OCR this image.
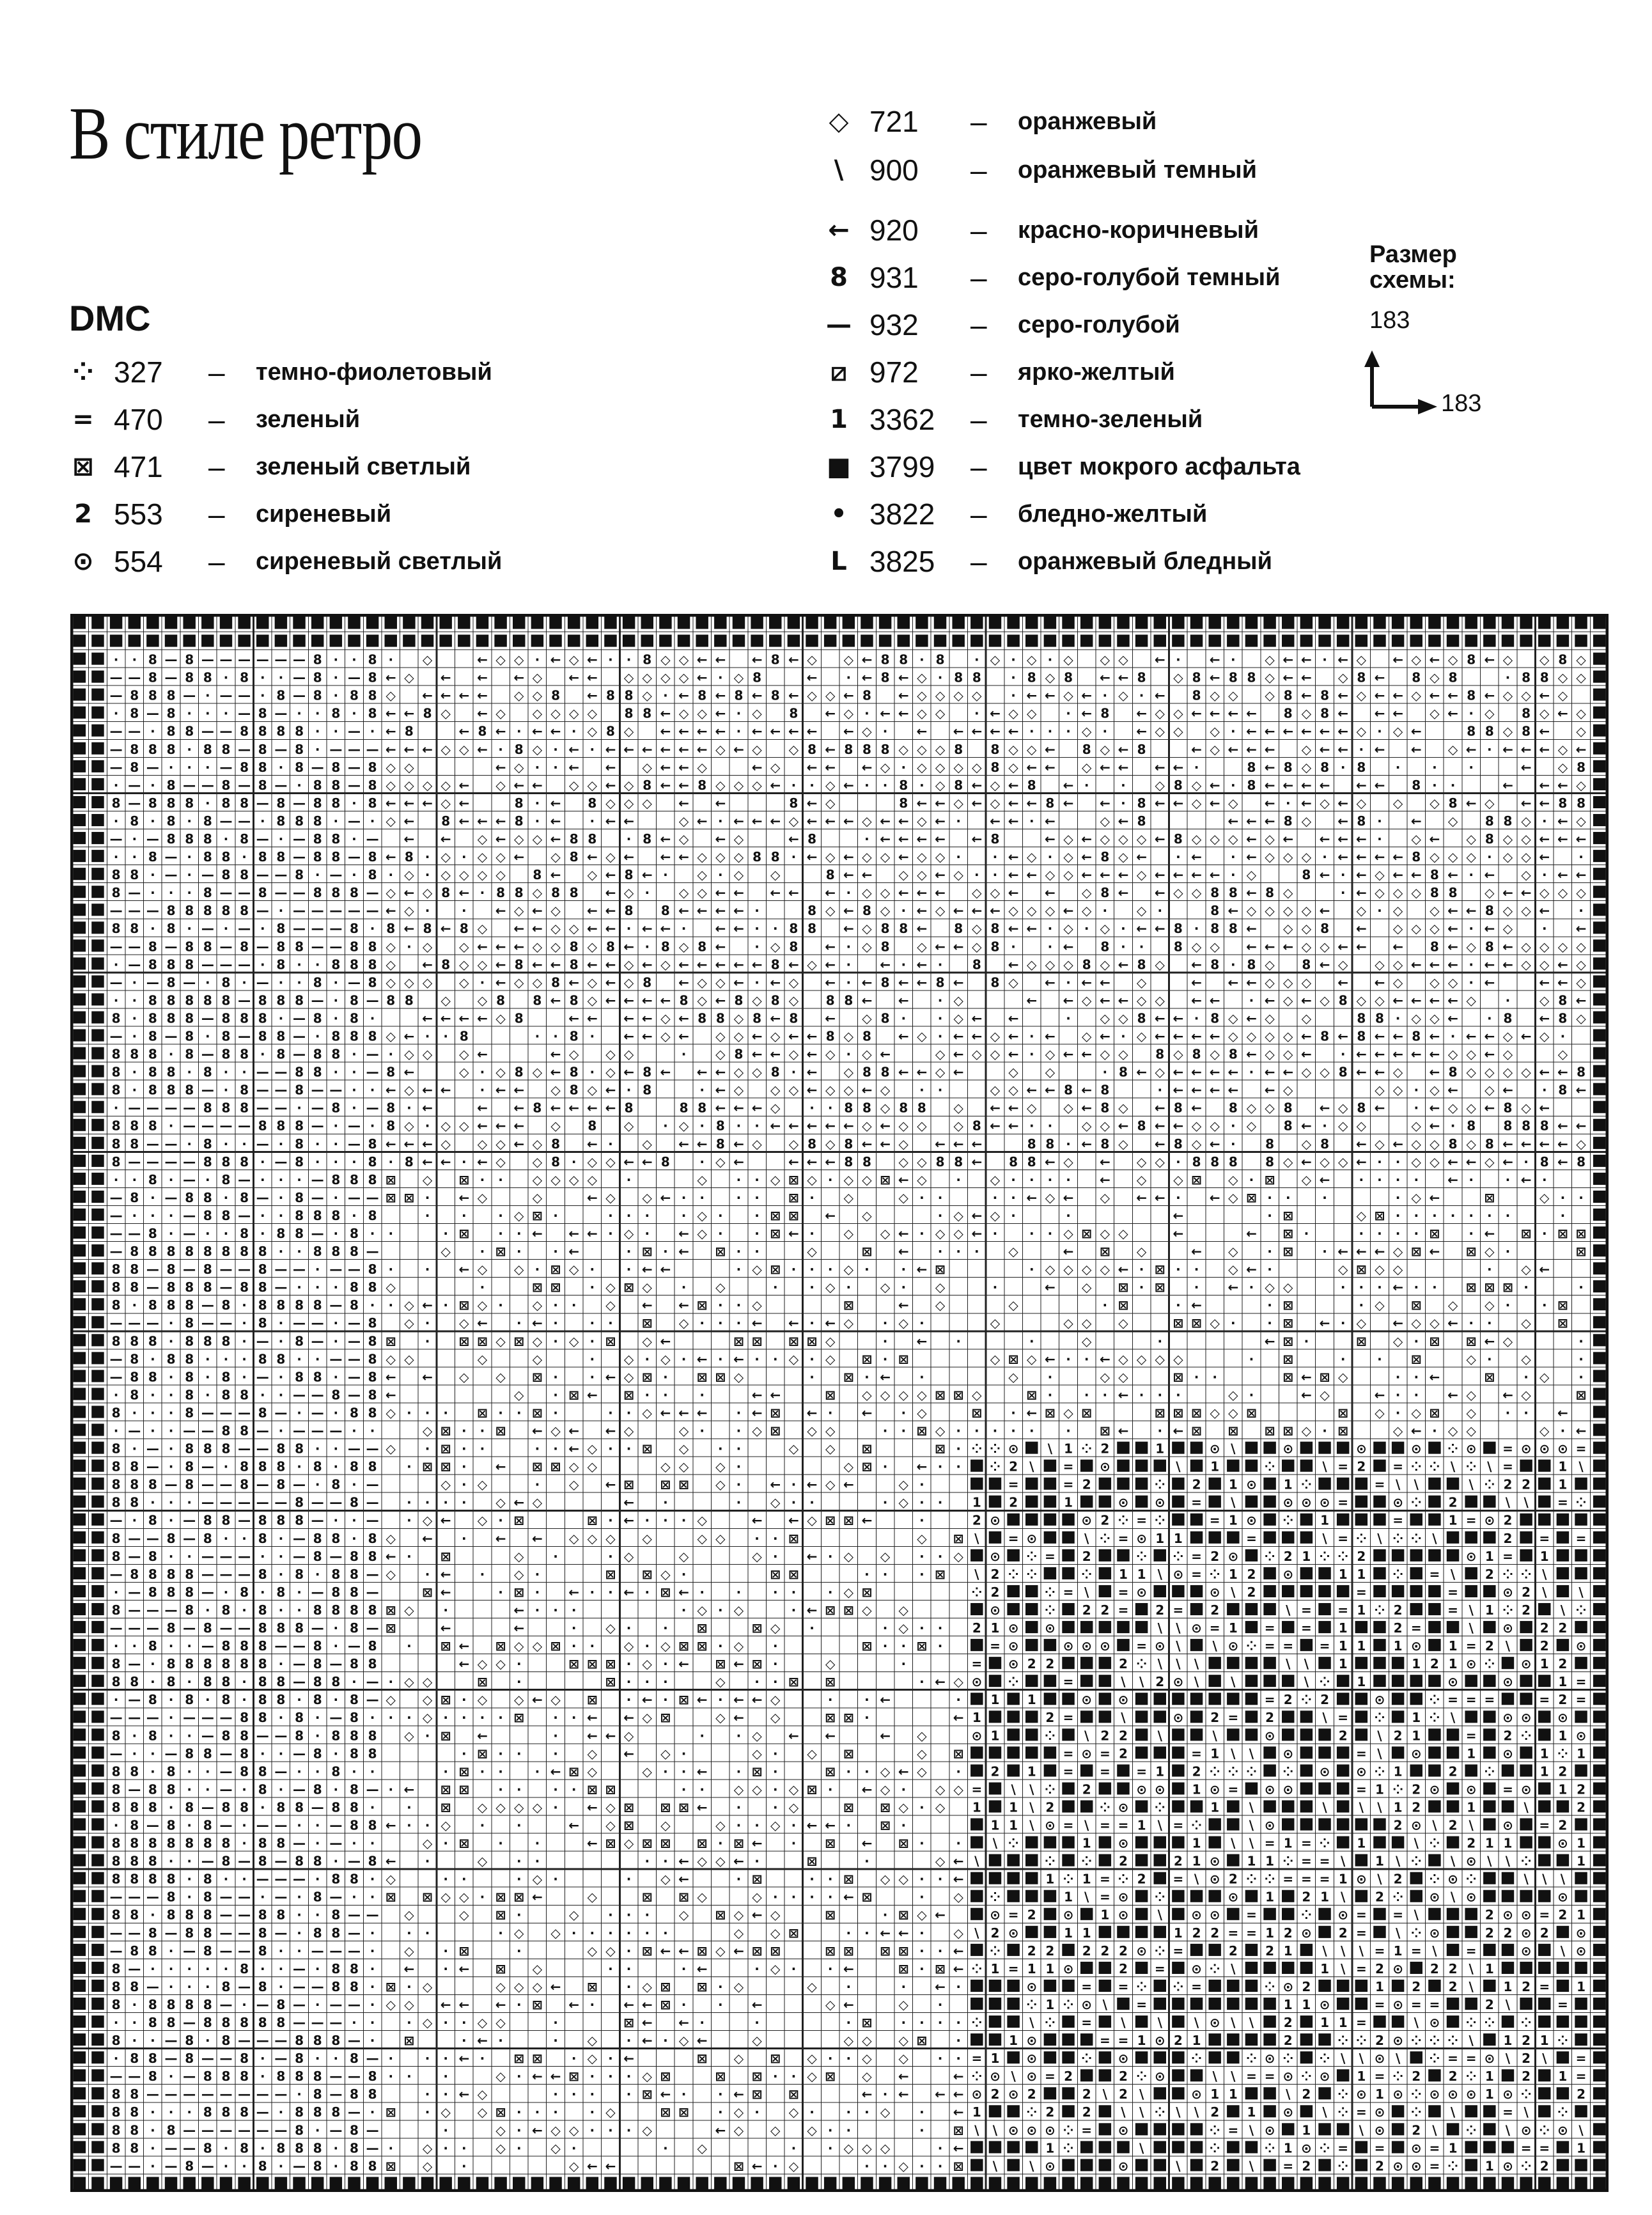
В стиле ретро
DMC
⁘ 327 – темно-фиолетовый
= 470 – зеленый
⊠ 471 – зеленый светлый
2 553 – сиреневый
⊙ 554 – сиреневый светлый
◇ 721 – оранжевый
\ 900 – оранжевый темный
← 920 – красно-коричневый
8 931 – серо-голубой темный
— 932 – серо-голубой
⧄ 972 – ярко-желтый
1 3362 – темно-зеленый
■ 3799 – цвет мокрого асфальта
• 3822 – бледно-желтый
L 3825 – оранжевый бледный
Размер
схемы:
183
183
· · 8 — 8 — — — — — — 8 · · 8 · ◇	← ◇ ◇ · ← ◇ ← · · 8 ◇ ◇ ← ← ← 8 ← ◇ ◇ ← 8 8 · 8 · ◇ · ◇ · ◇ ◇ ◇ ← · ← · ◇ ← ← · ← ◇ ← ◇ ← ◇ 8 ← ◇ ◇ 8 ◇
— — 8 — 8 8 · 8 · · — 8 · — 8 ← ◇ ← ← ← ◇ ← ← ◇ ◇ ◇ ◇ ← · ◇ 8	← · ← 8 ← ◇ · 8 8 · 8 ◇ 8 ← ← 8 ◇ 8 ← 8 8 ◇ ← ← ◇ 8 ← 8 ◇ 8	· 8 8 ◇ ◇
— 8 8 8 — · — — · 8 — 8 · 8 8 ◇ ← ← ← ← ◇ ◇ 8 ← 8 8 ◇ · ← 8 ← 8 ← 8 ← ◇ ◇ ← 8 ← ◇ ◇ ◇ ◇ · ← ← ◇ ← · ◇ · ← 8 ◇ ◇ ◇ 8 ← 8 ← ◇ ← ← ◇ ← ← 8 ← ◇ ◇ ← ◇
· 8 — 8 · · · — 8 — · · 8 · 8 ← ← 8 ◇ ← ◇ ◇ ◇ ◇ ◇ 8 8 ← ◇ ◇ ← · ◇ 8 ← ◇ · ← ← ◇ ◇ · ← ◇ ◇ · ← 8 ← ◇ ◇ ← ← ← ← 8 ◇ 8 ← ← ← ◇ ← · ◇ 8 ◇ ← ◇
— — · 8 8 — — 8 8 8 8 · · — · ← 8	← 8 ← · ← ← · ◇ 8 ◇ ← ← ← ← · ← ← ← ← ← ◇ · ← ← ← ← ← · · · ◇ · ← ◇ ◇ ◇ · ← ← ← ← ← ← ◇ · ◇ ←	8 8 ◇ 8 ← ◇
— 8 8 8 · 8 8 — 8 — 8 · — — — ← ← ← ◇ ◇ ← · 8 ◇ · ← · ← ← ← ← ← ← ◇ ← ◇ ◇ 8 ← 8 8 8 ◇ ◇ ◇ 8 8 ◇ ◇ ← 8 ◇ ← 8	← ◇ ← ← ← ◇ ← ← · ← ← ◇ ← · ← ← ← ◇ ←
— 8 — · · · — 8 8 · 8 — 8 — 8 ◇ ◇	← ◇ · · ← ← ◇ ← ← ◇	← ◇ ← ← ← ◇ · ◇ ◇ ◇ ◇ 8 ◇ ← ← ◇ ← ← ← ← ·	8 ← 8 ◇ 8 · 8 · · ·	← ◇ 8
· — · 8 — — 8 — 8 — · 8 8 — 8 ◇ ◇ ◇ ◇ ← ◇ ← ← ◇ ◇ ← ◇ 8 ← ← 8 ◇ ◇ ◇ ← · · ◇ ← · · 8 · ◇ 8 ← ◇ ← 8 ← · · ◇ 8 ◇ ← · 8 ← ← ← ← ← ← 8 · ·	← ← ← ◇
8 — 8 8 8 · 8 8 — 8 — 8 8 · 8 ← ← ← ◇ ←	8 · ← 8 ◇ ◇ ◇ ← ←	8 ← ◇	8 ← ← ◇ ← ◇ ← ← 8 ← ← · 8 ← ← ◇ ← ◇ ← · ← ◇ ← ◇ ◇ ◇ 8 ← ◇ ← ← 8 8
· 8 · 8 · 8 — — · 8 8 8 · — · ◇ ← 8 ← ← ← 8 · ← · ← ←	◇ ← · ← ← ← ◇ ← ← ← ◇ ← ← ◇ ← · ← ← · ←	◇ ← 8	← ← ← 8 ◇ ← 8 · ← ◇ 8 8 ◇ · ← ◇
— · — 8 8 8 · 8 — · — 8 8 · — ← ← ◇ ← ◇ ◇ ← 8 8 · 8 ← ◇ ← ◇	← 8	· ← ← ← ← ← 8	← ◇ ← ◇ ◇ ◇ ← 8 ◇ ◇ ◇ ← ◇ ← ← ← ← · ◇ ← ◇ 8 ◇ ◇ ← ← ←
· · 8 — · 8 8 · 8 8 — 8 8 — 8 ← 8 · ◇ · ◇ ◇ ← ◇ 8 ← ◇ ← ← ← ◇ ◇ ◇ 8 8 · ← ◇ ← ◇ ◇ ← ◇ ◇ · · ← ◇ · ◇ ← 8 ◇ ← · ← · ← ◇ ◇ ◇ · ← ← ← ← 8 ◇ ◇ ◇ · ◇ ◇ ← ·
8 8 · — · — 8 8 — — 8 · — · 8 · ◇ · ◇ ◇ ◇ ◇ 8 ← ◇ ← 8 ← · ◇ · ◇ ◇	8 ← ← ◇ ◇ ← ◇ · · ← ← ◇ ◇ ← ← ← ◇ ← ← ← ← · ◇	8 ← · ← ◇ ← ← 8 ← · ← ◇ · ← ←
8 — · · · 8 — — 8 — — 8 8 8 — ◇ ← ◇ 8 ← · 8 8 ◇ 8 8 ← ◇ · ◇ ◇ ← ← ← ← ← · ◇ ◇ ← ← ← ◇ ◇ ← ← ◇ 8 ← ← ◇ ◇ 8 8 ← 8 ◇	· ← ◇ ◇ ◇ 8 8 ◇ ← ← ◇ ◇ ◇
— — — 8 8 8 8 8 — · — — — — — ← ◇ · · ← ◇ ← ◇ ← ← 8 8 ← ← ← ← ·	8 ◇ ← 8 ◇ · ← ◇ ← ← ← ◇ ◇ ◇ ← ◇ · ◇ ·	8 ← ◇ ◇ ◇ ◇ ← ◇ · ◇ ◇ ← ← 8 ◇ ◇ ← ·
8 8 · 8 · — · — · 8 — — — 8 · 8 ← 8 ← 8 ◇ ← ← ◇ ◇ ← ← · ← ← · ← ← · · 8 8 ← ◇ 8 8 ← 8 ◇ 8 ← ← · ◇ · ◇ · ← ← 8 · 8 8 ← ◇ ◇ 8 ← ◇ ◇ ◇ ← · ← ◇ · ←
— — 8 — 8 8 — 8 — 8 8 — — 8 8 ◇ · ◇ ◇ ← ← ← ◇ ◇ 8 ◇ 8 ← · 8 ◇ 8 ← · ◇ 8 ← · ◇ 8 ◇ ← ← ◇ 8 · · ← 8 · · 8 ◇ ◇ ← ← ← ◇ ◇ ← ← ← 8 ← ◇ 8 ← ◇ ◇ ◇ ◇
· — 8 8 8 — — — · 8 · · 8 8 8 ◇ ← 8 ◇ ◇ ← 8 ← ← 8 ← ← ◇ ← ◇ ← ← ← ← ← 8 ← ◇ ← · ← · ← · 8 ← ◇ ◇ ◇ 8 ◇ ← 8 ◇ ← 8 · 8 ◇ 8 ← ◇ ◇ ◇ ← ← ← · ← ← ◇ ◇ ← ◇
— · — 8 — · 8 · — · · 8 · — 8 ◇ ◇ ◇ ◇ · ← ◇ ◇ 8 ← ◇ ← ◇ 8 ← ◇ ◇ ← · ← ◇ ← · ← 8 ← ← 8 ← 8 ◇ ← · ← ← ◇	← ← ← ◇ ◇ ◇ ← ← ◇ ◇ ◇ · ←	← ← ◇
· · 8 8 8 8 8 — 8 8 8 — · 8 — 8 8 ◇ ◇ 8 8 ← 8 ◇ ← ← ← ← 8 ◇ ← 8 ◇ 8 ◇ 8 8 ← ← · ◇	← ← ◇ ← ← ◇ ◇ ← ← · ← ◇ ← ◇ 8 ◇ ◇ ← ← ← ← ◇ · ◇ 8 ←
8 · 8 8 8 — 8 8 8 · — 8 · 8 ·	← ← ← ← ◇ 8	← ← ← ← ◇ ← 8 8 ◇ 8 ← 8 ← ◇ 8 · · ◇ ← ←	· ◇ ◇ 8 ← ← · 8 ◇ ← ◇ ◇	8 8 · ◇ ◇ ← · 8 ← 8 ◇
— · 8 — 8 · 8 — 8 8 — · 8 8 8 ◇ ← · · 8	· · 8 · ← ← ◇ ← ◇ ◇ ← ◇ ← ← 8 ◇ 8 ← ◇ · ← ← ◇ ← · ← ◇ ← · ◇ ← ← ← ← ◇ ◇ ◇ ◇ ← 8 ← 8 ← ← 8 ← · ← ← ◇ ← ◇ ·
8 8 8 · 8 — 8 8 · 8 — 8 8 · — · ◇ ◇ ◇ ←	← ◇ ◇ ◇	· ◇ 8 ← ← ◇ ← ◇ · ◇ ←	◇ ← ◇ ◇ ← · ◇ ← ← ◇ ◇ 8 ◇ 8 ◇ 8 ← ◇ ◇ ← · ← ← ← ← ← ◇ ◇ ← ◇	◇
8 · 8 8 · 8 · · — — 8 8 · · — 8 ←	◇ · ◇ 8 ◇ ← 8 · ◇ ← 8 ← ← ← ◇ ◇ 8 · ← ◇ 8 8 ← ← ◇ ←	◇ ◇	· 8 ← ◇ ← ← ← ← · ← ← ◇ ◇ 8 ← ← ◇ ← 8 ◇ ◇ ◇ ◇ ← ← 8
8 · 8 8 8 — · 8 — — 8 — — · · ← ◇ ← ← · ← ← ◇ 8 ◇ ← · 8	· ← ◇ ◇ ◇ ← ◇ ◇ ← ◇ · ·	◇ ◇ ← ← 8 ← 8	· ← ← ← ← ← ◇	◇ ◇ · ◇ ← ◇ ← · 8 ←
· — — — — 8 8 8 — — · — 8 · — 8 · ←	← ← 8 ← ← ← ← 8	8 8 ← ← ← ◇ · · 8 8 ◇ 8 8 ◇ ← ← ◇ ◇ ← 8 ◇ ← 8 ← 8 ◇ ◇ 8 ← ◇ 8 ← · ← ◇ ◇ ← 8 ◇ ←
8 8 8 · — — — — 8 8 8 — · — · 8 ◇ · ◇ ◇ ← ← ← ◇ 8 ◇ · ◇ · 8 · · ← ← ← ← ← ◇ ← ◇ ◇ ◇ 8 ← ← · · ◇ ◇ ← 8 ← ← ◇ ◇ · ◇ 8 ← · ◇ ◇	◇ ← · 8 8 8 8 ← ←
8 8 — — · 8 · · — · 8 · · — 8 ← ← ← ◇ ◇ ◇ ← ◇ 8 ← · ◇ ← ← 8 ← ◇ ◇ 8 ◇ 8 ← ← ◇ ← ← ←	8 8 · ← 8 ◇ ← 8 ◇ ← · 8 ◇ 8 ← ◇ ← ◇ ◇ 8 ◇ 8 ← ← ← ← ◇
8 — — — — 8 8 8 · — 8 · · · 8 · 8 ← ← · ← ◇ ◇ 8 · ◇ ◇ ← ← 8 · ◇ ←	← ← ← 8 8 ◇ ◇ 8 8 ← 8 8 ← ◇ ← ◇ ◇ · 8 8 8 8 ◇ ← ◇ ◇ ← · · ◇ ◇ ← ← ◇ ← · 8 ← 8
· · 8 · — · 8 — · · · — 8 8 8 ⊠ ◇ ⊠ · · ◇ ◇ ◇ ◇ ·	◇ · · ◇ ⊠ ◇ · ◇ ◇ ⊠ ← ◇ · ◇ · · · · ← ◇ ◇ ⊠ ◇ · ⊠ ◇ ← · · · · ← · · ← ·
— 8 · — 8 8 · 8 — · 8 — · — — ⊠ ⊠ · ← ◇	◇	← ◇ ◇ ← · · · · ⊠ · ◇	◇ · ·	· · ← ◇ ← ◇ ← ← · ← ◇ ⊠ · · ·	· ◇ ←	⊠	◇ · ·
— · · · — 8 8 — · · 8 8 8 · 8	· · · ◇ ⊠ ·	· · · · ◇ · · ⊠ ⊠ ← ◇	· ◇ ← ◇ ·	·	←	· ⊠	◇ ⊠ · · · · · · ·	·
— — 8 · — · · 8 · 8 8 — · 8 · ·	· ⊠ · · ← ← ← · ◇ · ← ◇ · · ⊠ ← · ◇ ◇ ← · ◇ ◇ ← · · · ◇ ⊠ ◇ ◇	←	← ⊠ ·	· · · · ⊠ · ← ⊠ · ⊠ ⊠
— 8 8 8 8 8 8 8 8 · · 8 8 8 —	◇ · ⊠ · · ←	· ⊠ · ← ⊠ · ·	◇	⊠ ← · · · ◇	← ⊠ ◇	← ◇ · ⊠ · ← ← ← ◇ ⊠ ← ⊠ ◇ ·	⊠
8 8 — 8 — 8 — — 8 — — · — — 8 · · ← ◇ ◇ · ⊠ ◇ · · ← ←	· ◇ ⊠ · · · ◇ · · ← ⊠	· ◇ ◇ ◇ ◇ ← · ⊠ · · ◇ ← ·	◇ ⊠ ◇ ◇	· ◇ ←
8 8 — 8 8 8 — 8 8 — · · · 8 8 ◇	·	⊠ ⊠ · ◇ ⊠ ◇ · ◇	· · ◇ · ◇ · ◇	·	← ◇ ⊠ · ⊠ · ← · ◇ ◇	· · · ← · · ⊠ ⊠ ⊠ ·	·
8 · 8 8 8 — 8 · 8 8 8 8 — 8 · · ◇ ← · ⊠ ◇ · ◇ · · ◇ ← ← ⊠ · · ◇	⊠	← ◇	◇	· ⊠	· ←	· ⊠	· ◇ ⊠ ◇ ◇ · · ⊠
— — — · 8 — — · 8 · — — · — 8 ◇ · ◇ ← · ← · · · ⊠ ◇ · · · ← ← · ← ◇ · ◇ ·	◇	◇ ◇ ◇	⊠ ⊠ ◇ · · ⊠ ← · ◇ ← ◇ ◇ ← · · ◇ ⊠
8 8 8 · 8 8 8 · — · 8 — · — 8 ⊠ · ⊠ ⊠ ◇ ⊠ ◇ · ◇ · ⊠ ◇ ←	⊠ ⊠ ⊠ ⊠ ◇	· ← ·	·	◇	·	← ⊠ ·	⊠ ◇ · ⊠ ⊠ ← ◇	·
— 8 · 8 8 · · · 8 8 · · — — 8 ◇ ◇	◇	◇	· ◇ · ◇ · ← · ← · · ◇ · ◇ ⊠ · ⊠	◇ ⊠ ◇ ← · · ← ◇ ◇ ◇ ◇	· ⊠	· · ⊠	◇ · ◇	·
— 8 8 · 8 · 8 · — · 8 8 · — 8 ← ← ◇ ◇ ⊠ · · ← ◇ ⊠ · ⊠ ⊠ ◇	· ⊠ · ← ·	◇ ·	◇ ◇	⊠ · ·	⊠ ← ⊠ ◇	· · ←	⊠ · ◇ ·
· 8 · · 8 · 8 8 · · — — 8 — 8 ←	◇ · ⊠ ← ⊠ · · ·	← ←	⊠ ◇ ◇ ◇ ◇ ⊠ ⊠ ◇	⊠ · · · ← · · ·	◇ ·	← ◇	← · · ← ◇ ← ◇	⊠
8 · · · 8 — — — 8 — · — · 8 8 ◇ · · · ⊠ · · ⊠ ·	· · ◇ ← ← ← · ← ⊠ ← · ← · ◇	⊠ · ← ⊠ ◇ ⊠	⊠ ⊠ ⊠ ◇ ◇ ⊠	⊠ ◇ · ◇ ⊠ ◇ · · ←
· — · · — — 8 8 — · — — — · ·	◇ ⊠ · · ⊠ ← ◇ ← ← ◇	◇ · · ◇ ⊠ ◇ ◇	· · ⊠ ◇ · · · · · · ⊠ ← · ← ⊠ ⊠ ⊠ ⊠ ◇ · ⊠	◇ ← · ◇ ◇	◇ · ←
8 · — · 8 8 8 — — 8 8 · · — — ◇ · ⊠ · ·	· · ← ◇ · · ⊠ ◇ · ·	◇ ◇ ⊠	⊠ · ⁘ ⁘ ⊙ \ 1 ⁘ 2	1	⊙ \	⊙	⊙	⊙ ⁘ ⊙ = ⊙ ⊙ ⊙ =
8 8 — · 8 — · 8 8 8 · 8 · 8 8 · ⊠ ⊠ · ← ⊠ ⊠ ◇ ◇	◇ ◇ ◇ ·	◇ ⊠ · ← · · ⁘ 2 \ = ⊙	\ 1	⁘	\ = 2 = ⁘ ⁘ \ ⁘ \ =	1 \
8 8 8 — 8 — — 8 — 8 — · 8 · —	◇ · ◇	· ◇ ← ⊠ ⊠ ⊠ ◇ · ← · ← ◇ ←	◇ ·	=	= 2	⁘ 2 1 ⊙ 1 ⁘	= \ \	\ ⁘ 2 2 1
8 8 · · · — — — — — 8 — — 8 — · · · · ◇ ← ◇	← ·	· ◇ · ·	· ◇ · · 1 2	1	⊙ ⊙ = \	⊙ ⊙ ⊙ =	⊙ ⁘ 2	\ \ = ⁘
— · 8 · — 8 8 — 8 8 8 — · · — · ◇ ← ◇ · ⊠	⊠ · ← · · · ◇	← ← ◇ ⊠ ⊠ ←	·	2 ⊙	⊙ 2 ⁘ = ⁘	= 1 ⊙ ⁘ 1	=	1 = ⊙ 2
8 — — 8 — 8 · · 8 · — 8 8 · 8 ◇ ← · ← ← ◇ ◇ ◇ ◇	◇ ◇ · · ⊠	◇ ⊠ \ = ⊙	\ ⁘ = ⊙ 1 1	=	\ = ⁘ \ ⁘ ⁘ \	2 = =
8 — 8 · · — — — · · — 8 — 8 8 ← · ⊠	◇ ·	· ◇	◇	◇ · ← · ◇ ◇ · · ◇ ⊙ ⁘ = 2	⁘ ⁘ = 2 ⊙ ⁘ 2 1 ⁘ ⁘ 2	⊙ 1 = 1
— 8 8 8 8 — — — 8 · 8 · 8 8 — ◇ · ← · ◇ ·	⊠ ⊠ ◇ ·	⊠ ⊠	· · · ⊠ \ 2 ⁘ ⁘	⁘ 1 1 \ ⊙ = ⁘ 1 2 ⊙	1 1 ⁘ = \ 2 ⁘ ⁘ \
· — 8 8 8 — · 8 · 8 · — 8 8 —	⊠ ←	· ⊠ · ← · · ← · ⊠ ← · · · · · ◇ ⊠	⁘ 2	⁘ = \ = ⊙	⊙ \ 2	=	=	⊙ 2 \ \
8 — — — 8 · 8 · 8 · · 8 8 8 8 ⊠ ◇ ·	← · · ·	· ◇ · ◇	· ← ⊠ ⊠ ◇ ◇	⊙	⁘ 2 2 = 2 = 2	\ = = 1 ⁘ 2	= \ 1 ⁘ 2 \ ⁘
— — — 8 — 8 — — 8 8 8 — · 8 — ⊠	←	←	· ◇ · · ⊠	⊠ ◇ ·	· ◇ · · 2 1 ⊙ ⊙	\ \ ⊙ = 1 = = 1	2 =	\ ⊙ 2 2
· · 8 · · — 8 8 8 — — 8 · — 8 · ⊠ ← ⊠ ◇ ◇ ⊠ · · ◇ · ◇ ⊠ ⊠ · ◇ ·	⊠ · · ⊠ ·	= ⊙	⊙ ⊙ ⊙ = ⊙ \ \ ⊙ ⁘ = = = 1 1 1 ⊙ 1 = 2 \ 2 ⊙
8 — · 8 8 8 8 8 8 · — 8 — 8 8	← ◇ ◇ ·	⊠ ⊠ ⊠ · ◇ · ← ⊠ ← ⊠ ·	◇	·	= ⊙ 2 2	2 ⁘ \ \ \	\ \ 1	1 2 1 ⊙ ⁘ ⊙ 1 2
8 8 · 8 · 8 8 · 8 8 — 8 8 · — · ◇ ◇	⊠ ·	⊠ · · ·	◇ · · ⊠ ⊠	· ← ◇ ⊙ ⁘	=	\ \ 2 ⊙ \ \	\ ⁘ 1	⊙	⊙	1 =
· — 8 · 8 · 8 · 8 8 · 8 · 8 — ◇ ◇ ⊠ · ◇ ◇ ← ◇ ⊠ · ← · ⊠ ← · ← ← ◇	· · ←	· 1 1	⊙ ⊙	= 2 ⁘ 2	⊙	⁘ = = =	= 2 =
— — — · — — — 8 8 · 8 · — 8 · · · ◇ · · · · ⊠ · · ← ← ◇ ⊠	◇ ← ◇	⊠ ⊠ ·	← 1	2 =	\	⊙ 2 = 2	\ = ⁘ 1 ⁘ \	⊙ ⊙ ⊙
8 · 8 · · — 8 8 — — 8 · 8 8 8 ◇ · ⊠ ←	· ← ← ◇	· · ◇ ← ←	← ◇	⊙ 1	⁘ \ 2 2 \	\	⊙	2 \ 2 1	= 2 ⁘ 1 ⊙
— · · — 8 8 — 8 · · — 8 · 8 8	· ⊠ · · · ◇ ← ◇ ·	◇ · ◇ ⊠	◇ ⊠	= ⊙ = 2	= 1 \ \ ⊙	= \ ⊙	1 ⊙ 1 ⁘ 1
8 8 · 8 · · — 8 8 — · · 8 · ·	· ⊠ · · · ← ⊠ ◇	◇ · · ← · ⊠ ·	⊠ · · ◇ ← ◇ · 2 1 = = = 1 2 ⁘ ⁘ ⁘ ⁘ ⊙ ⊙ ⁘ 1	2 ⁘	1 2
8 — 8 8 · · — · 8 · — 8 · 8 — · ← ⊠ ⊠ · · · · ⊠ ⊠	· · ◇ ◇ · ◇ ⊠ · ← ◇ · ◇ ◇ = \ \ ⁘ 2	⊙ ⊙ 1 ⊙ = ⊙ ⊙	= 1 ⁘ 2 ⊙ ⊙ = ⊙ 1 2
8 8 8 · 8 — 8 8 · 8 8 — 8 8 · · ⊠ ◇ ◇ ◇ ◇ · ← ◇ ⊠ ⊠ ⊠ ← · · ◇	⊠ ⊠ ◇ · ◇ 1 1 \ 2	⁘ ⊙ ⁘	1 \	\ \ \ 1 2	1	\	2
· 8 — 8 · 8 — · — — · · — 8 8 ← · · ◇ · ·	← ◇ ⊠ ◇	◇ · · ◇ · ← ← · ⊠ ·	1 1 \ ⊙ = \ = = 1 \ = ⁘	\ ⊙	2 ⊙ \ 2 \ ⊙ = 2
8 8 8 8 8 8 8 · 8 8 — · — · ·	◇ · ⊠ · ·	← ⊠ ◇ ⊠ ⊠ ⊠ · ⊠ ← · ⊠ ← ⊠ · · \ ⁘	1 ⊙	1 \ \ = 1 = ⁘ 1	\ ⁘ 2 1 1	⊙ 1
8 8 8 · · — 8 — 8 — 8 8 · — 8 ← ·	◇ · ·	· · ← ◇ ◇ ← ·	⊠	·	◇ ← \	⁘ ⁘ 2	2 1 ⊙ 1 1 ⁘ = = \ 1 \ ⁘ \ ⊙ \ \ ⁘	1
8 8 8 8 · 8 · · — — — · 8 8 · ◇	· ·	· ◇ ·	· ◇ ←	· ⊠	· · ⊠ ◇ ◇ · · ←	1 ⁘ 1 = ⁘ 2 = \ ⊙ 2 ⁘ ⁘ = = = 1 ⊙ \ 2 ⁘ ⊙ ⁘	\ \ \
— — — 8 · 8 — — · — · 8 — · · ⊠ ⊠ ◇ ◇ · ⊠ ⊠ ←	◇	⊠ ⊠ ◇	◇ · · · · ← ⊠	· ◇ ⁘	1 \ = ⊙ ⁘	⊙ 1 2 1 \ 2 ⁘ ⊙ \ ⊙	⊙
8 8 · 8 8 8 — — 8 8 · · 8 — — ◇	◇ ⊠ ·	◇ · · · ◇ ⊠ ◇ ← ◇	⊠	· ⊠ ◇ ←	⊙ = 2 ⊙ 1 ⊙ \ ⊙ ⊙ =	⁘ ⊙ = = \	2 ⊙ ⊙ = 2 1
— — 8 — 8 8 — — 8 — · 8 8 — · · ·	· ◇ ◇ · · · · · ·	◇ ◇ ⊠	· · ← ← · ◇ \ 2 ⊙	1 1	1 2 2 = = 1 2 ⊙ 2 = \ ⁘ ⊙	2 2 ⊙ 2 ⊙
— 8 8 · — 8 — — 8 · · — — — · ◇ · ⊠	·	◇ ◇ · ⊠ ← ← ⊠ ◇ ← ⊠ ⊠	⊠ ⊠ ⊠ ⊠ · · ← ⁘ 2 2 2 2 2 ⊙ ⁘ =	2 2 1 \ \ \ = 1 = \ =	⊙ \ ⊙
8 — · · · · · 8 · · — · 8 8 · ← · ← ⊠ ◇	· ·	· ←	· ◇ · · ←	⊠ · ⊠ ← ⁘ 1 = 1 1 ⊙	2 = ⊙ ⁘ \	1 \ = 2 ⊙ 2 2 \ 1
8 8 — · · · 8 — 8 · — — 8 8 · ⊠ · ◇	◇ ◇ ◇ ← ⊠ · ◇ ⊠ ⊠ · ◇	◇ ·	· ← ·	⊙	= = ⁘ ⁘ =	⁘ ⊙ 2	1 2 2 \ 1 2 = 1
8 · 8 8 8 8 — · — 8 — · — — · ◇ ◇ ← ← ← · ⊠ ← · ← ← ⊠ · · ←	◇ ←	◇ ·	⁘ 1 ⁘ ⊙ \ =	1 1 ⊙	= ⊙ = =	2 \	=
· · 8 8 — 8 8 8 8 8 — — — · · · ◇ · · ◇ ◇	·	⊠ ← ← ·	·	· ⊠ · · · · ⁘	\ ⁘ = \ \ \ ⊙ \ \ 2 1 1 =	\ ⊙ ⁘ ⁘ ⁘
8 · · — 8 · 8 — — — 8 8 8 — · ⊠	· ← ·	· ◇ · ← · ◇ ←	◇	◇ ◇ ◇ ⊠ ·	1 ⊙	= = 1 ⊙ 2 1	2	⁘ ⁘ 2 ⊙ ⁘ ⁘ ⁘ \ 1 2 1 ⁘
· 8 8 — 8 — — 8 · — 8 · · 8 — · · · ← · ⊠ ⊠ · ◇ · ←	⊠ ◇ ⊠ ◇ · · ◇ ◇ · · = 1 ⊙	⁘ ⊙	⁘	⁘ ⊙ ⁘ ⁘ \ \ ⊙ \ ⁘ = = ⊙ \ 2 \ =
— — 8 · — 8 8 8 · 8 8 8 — — 8 · · ·	◇ · ← ← ⊠ · · · ◇ ⊠	⊠ ⊠ · · ◇ ⊠ ◇ ←	← ⁘ ⊙ \ ⊙ = 2	2 ⁘ ⊙	\ \ = = ⊙ ⁘ ⊙ 1 = ⁘ 2 2 ⁘ 1 2 1 =
8 8 — — — — — — — — · 8 — 8 8	· · ← ◇	· · · · ⊠ ← · · ← ⊠ ⊠	← · ← ← ← ⊙ 2 ⊙ 2	2 \ 2 \	⊙ 1 1	\ 2 ⁘ ⊙ 1 ⊙ ⁘ ⊙ ⊙ ⊙ 1 ⊙ ⁘	2
8 8 · · · 8 8 8 — · 8 8 8 — · ⊠ · ◇ ◇ ⊠ · · · · ◇	⊠ ⊠ · ◇ · ◇ · · · ◇ · ← 1	⁘ 2 2 \ \ ⁘ \ \ 2 1 ⊙ \ ⁘ = ⊙ ⁘ \	= \ ⁘
8 8 · 8 — — — — — — 8 · — 8 —	·	◇ · ← ◇ ◇ · · · ◇	← ◇ ◇ ◇ · ·	· ⊠ \ \ ⊙ ⊙ ⊙ ⁘ = ⊙	⁘ = \ ⊙ 1	\ ⊙ 2 \ ⁘ \ ⊙ ⁘ ⊙ \
8 8 · — — 8 · 8 · 8 8 8 · 8 — · ◇ · · ◇ · ◇ ·	· ◇	· · ◇ ◇ ◇	· ←	1 ⁘	\	⁘	⁘ 1 ⊙ ⁘ = = ⊙ = 1	= = 1
— — · — 8 — · · 8 · — 8 · 8 8 ⊠ ◇ ·	◇ ← ←	⊠ ← · ◇	· · ◇ · · ⊠ \ \ ⊙	⊙	\ 2 \ = 2 ⁘ 2 ⊙ ⊙ = ⁘ 1 ⊙ ⁘ 2
